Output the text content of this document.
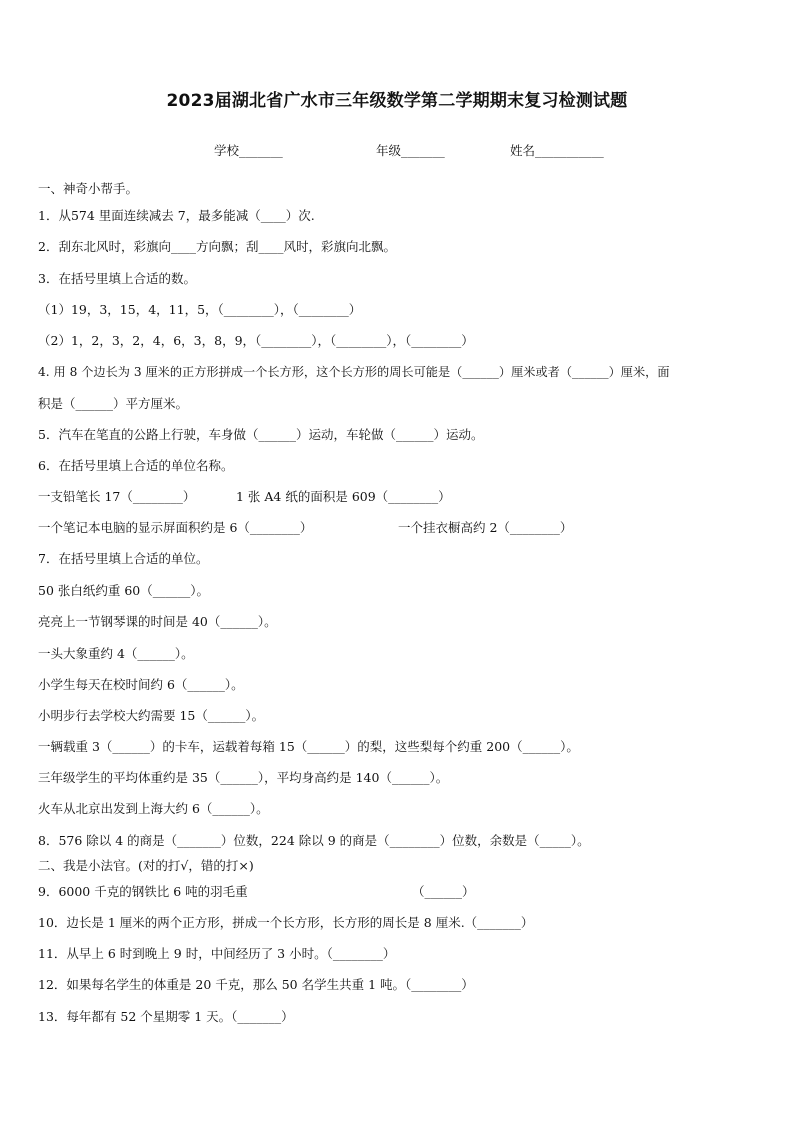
2023届湖北省广水市三年级数学第二学期期末复习检测试题
学校_______	年级_______	姓名___________
一、神奇小帮手。
1．从574 里面连续减去 7，最多能减（____）次.
2．刮东北风时，彩旗向____方向飘；刮____风时，彩旗向北飘。
3．在括号里填上合适的数。
（1）19，3，15，4，11，5，（________），（________）
（2）1，2，3，2，4，6，3，8，9，（________），（________），（________）
4. 用 8 个边长为 3 厘米的正方形拼成一个长方形，这个长方形的周长可能是（______）厘米或者（______）厘米，面
积是（______）平方厘米。
5．汽车在笔直的公路上行驶，车身做（______）运动，车轮做（______）运动。
6．在括号里填上合适的单位名称。
一支铅笔长 17（________）	1 张 A4 纸的面积是 609（________）
一个笔记本电脑的显示屏面积约是 6（________）	一个挂衣橱高约 2（________）
7．在括号里填上合适的单位。
50 张白纸约重 60（______）。
亮亮上一节钢琴课的时间是 40（______）。
一头大象重约 4（______）。
小学生每天在校时间约 6（______）。
小明步行去学校大约需要 15（______）。
一辆载重 3（______）的卡车，运载着每箱 15（______）的梨，这些梨每个约重 200（______）。
三年级学生的平均体重约是 35（______），平均身高约是 140（______）。
火车从北京出发到上海大约 6（______）。
8．576 除以 4 的商是（_______）位数，224 除以 9 的商是（________）位数，余数是（_____）。
二、我是小法官。(对的打√，错的打×)
9．6000 千克的钢铁比 6 吨的羽毛重	（______）
10．边长是 1 厘米的两个正方形，拼成一个长方形，长方形的周长是 8 厘米.（_______）
11．从早上 6 时到晚上 9 时，中间经历了 3 小时。（________）
12．如果每名学生的体重是 20 千克，那么 50 名学生共重 1 吨。（________）
13．每年都有 52 个星期零 1 天。（_______）
